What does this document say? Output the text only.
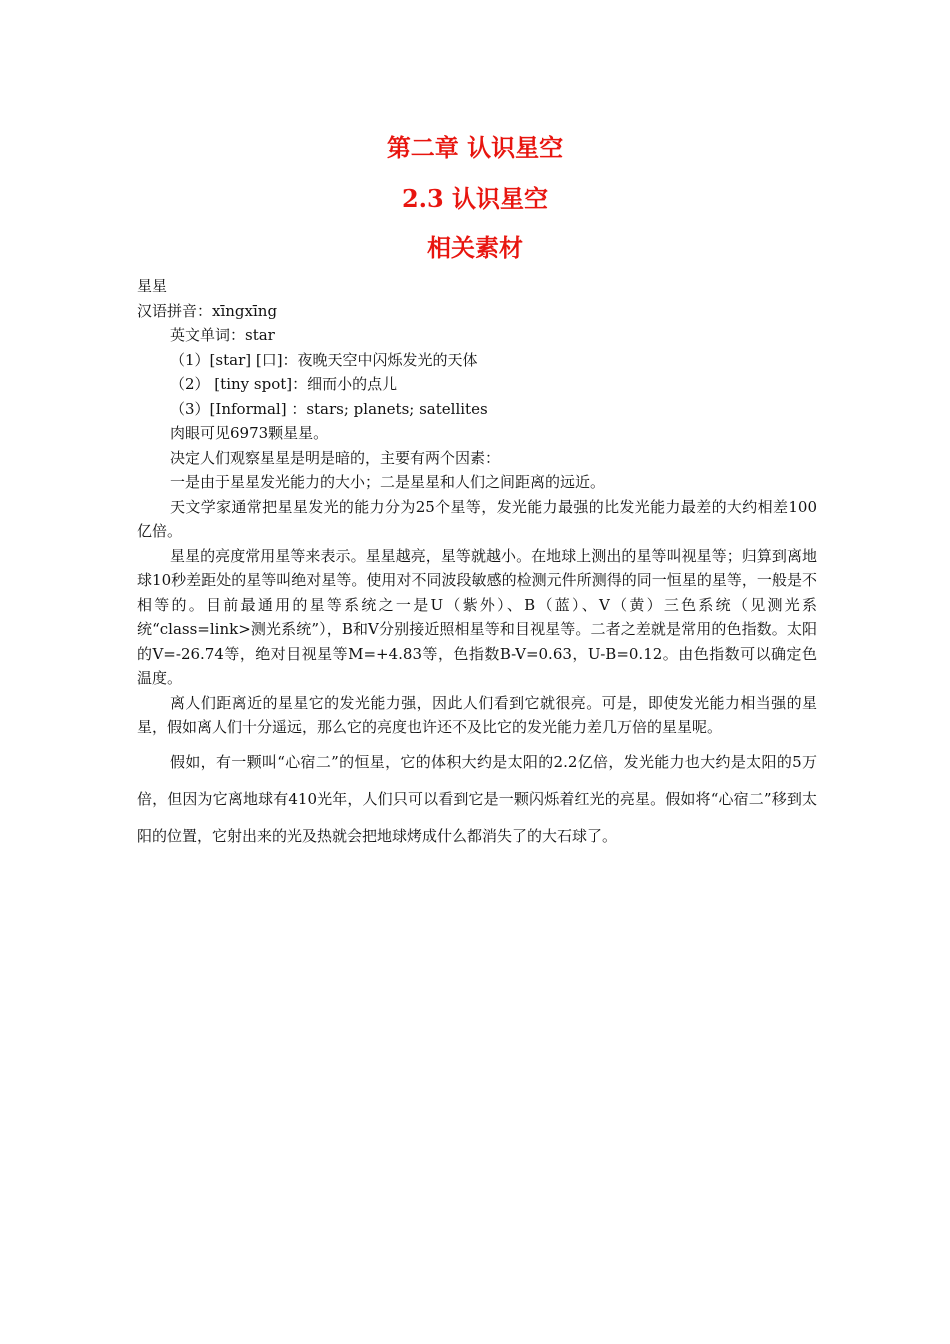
第二章 认识星空
2.3 认识星空
相关素材

星星

汉语拼音：xīngxīng

英文单词：star

（1）[star] [口]：夜晚天空中闪烁发光的天体

（2） [tiny spot]：细而小的点儿

（3）[Informal] ：stars; planets; satellites

肉眼可见6973颗星星。

决定人们观察星星是明是暗的，主要有两个因素：

一是由于星星发光能力的大小；二是星星和人们之间距离的远近。

天文学家通常把星星发光的能力分为25个星等，发光能力最强的比发光能力最差的大约相差100亿倍。

星星的亮度常用星等来表示。星星越亮，星等就越小。在地球上测出的星等叫视星等；归算到离地球10秒差距处的星等叫绝对星等。使用对不同波段敏感的检测元件所测得的同一恒星的星等，一般是不相等的。目前最通用的星等系统之一是U（紫外）、B（蓝）、V（黄）三色系统（见测光系统“class=link>测光系统”），B和V分别接近照相星等和目视星等。二者之差就是常用的色指数。太阳的V=-26.74等，绝对目视星等M=+4.83等，色指数B-V=0.63，U-B=0.12。由色指数可以确定色温度。

离人们距离近的星星它的发光能力强，因此人们看到它就很亮。可是，即使发光能力相当强的星星，假如离人们十分遥远，那么它的亮度也许还不及比它的发光能力差几万倍的星星呢。

假如，有一颗叫“心宿二”的恒星，它的体积大约是太阳的2.2亿倍，发光能力也大约是太阳的5万倍，但因为它离地球有410光年，人们只可以看到它是一颗闪烁着红光的亮星。假如将“心宿二”移到太阳的位置，它射出来的光及热就会把地球烤成什么都消失了的大石球了。
